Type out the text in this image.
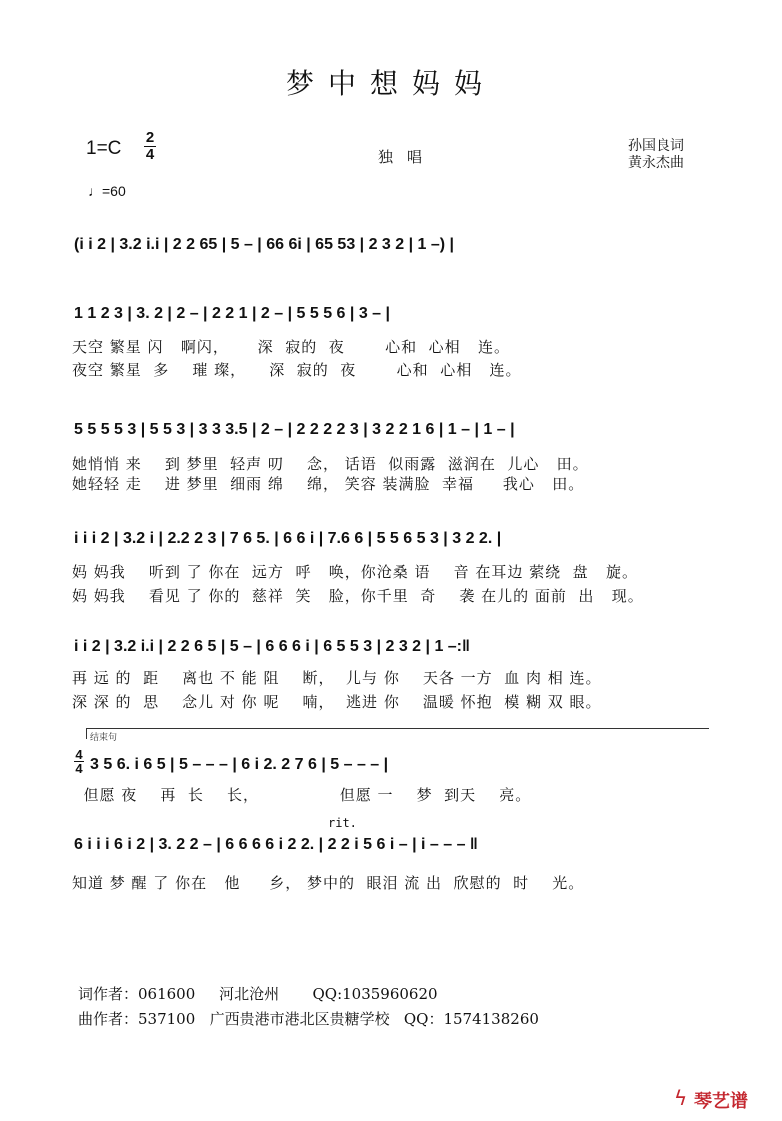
梦中想妈妈
1=C
2
4
♩=60
独唱
孙国良词
黄永杰曲
(i i 2 | 3.2 i.i | 2 2 65 | 5 – | 66 6i | 65 53 | 2 3 2 | 1 –) |
1 1 2 3 | 3. 2 | 2 – | 2 2 1 | 2 – | 5 5 5 6 | 3 – |
天空 繁星 闪   啊闪，     深  寂的  夜       心和  心相   连。
夜空 繁星  多    璀 璨，    深  寂的  夜       心和  心相   连。
5 5 5 5 3 | 5 5 3 | 3 3 3.5 | 2 – | 2 2 2 2 3 | 3 2 2 1 6 | 1 – | 1 – |
她悄悄 来    到 梦里  轻声 叨    念， 话语  似雨露  滋润在  儿心   田。
她轻轻 走    进 梦里  细雨 绵    绵， 笑容 装满脸  幸福     我心   田。
i i i 2 | 3.2 i | 2.2 2 3 | 7 6 5. | 6 6 i | 7.6 6 | 5 5 6 5 3 | 3 2 2. |
妈 妈我    听到 了 你在  远方  呼   唤，你沧桑 语    音 在耳边 萦绕  盘   旋。
妈 妈我    看见 了 你的  慈祥  笑   脸，你千里  奇    袭 在儿的 面前  出   现。
i i 2 | 3.2 i.i | 2 2 6 5 | 5 – | 6 6 6 i | 6 5 5 3 | 2 3 2 | 1 –:‖
再 远 的  距    离也 不 能 阻    断，  儿与 你    天各 一方  血 肉 相 连。
深 深 的  思    念儿 对 你 呢    喃，  逃进 你    温暖 怀抱  模 糊 双 眼。
结束句
4
4 3 5 6. i 6 5 | 5 – – – | 6 i 2. 2 7 6 | 5 – – – |
但愿 夜    再  长    长，              但愿 一    梦  到天    亮。
rit.
6 i i i 6 i 2 | 3. 2 2 – | 6 6 6 6 i 2 2. | 2 2 i 5 6 i – | i – – – ‖
知道 梦 醒 了 你在   他     乡， 梦中的  眼泪 流 出  欣慰的  时    光。
词作者：061600     河北沧州       QQ:1035960620
曲作者：537100   广西贵港市港北区贵糖学校   QQ：1574138260
ϟ 琴艺谱
